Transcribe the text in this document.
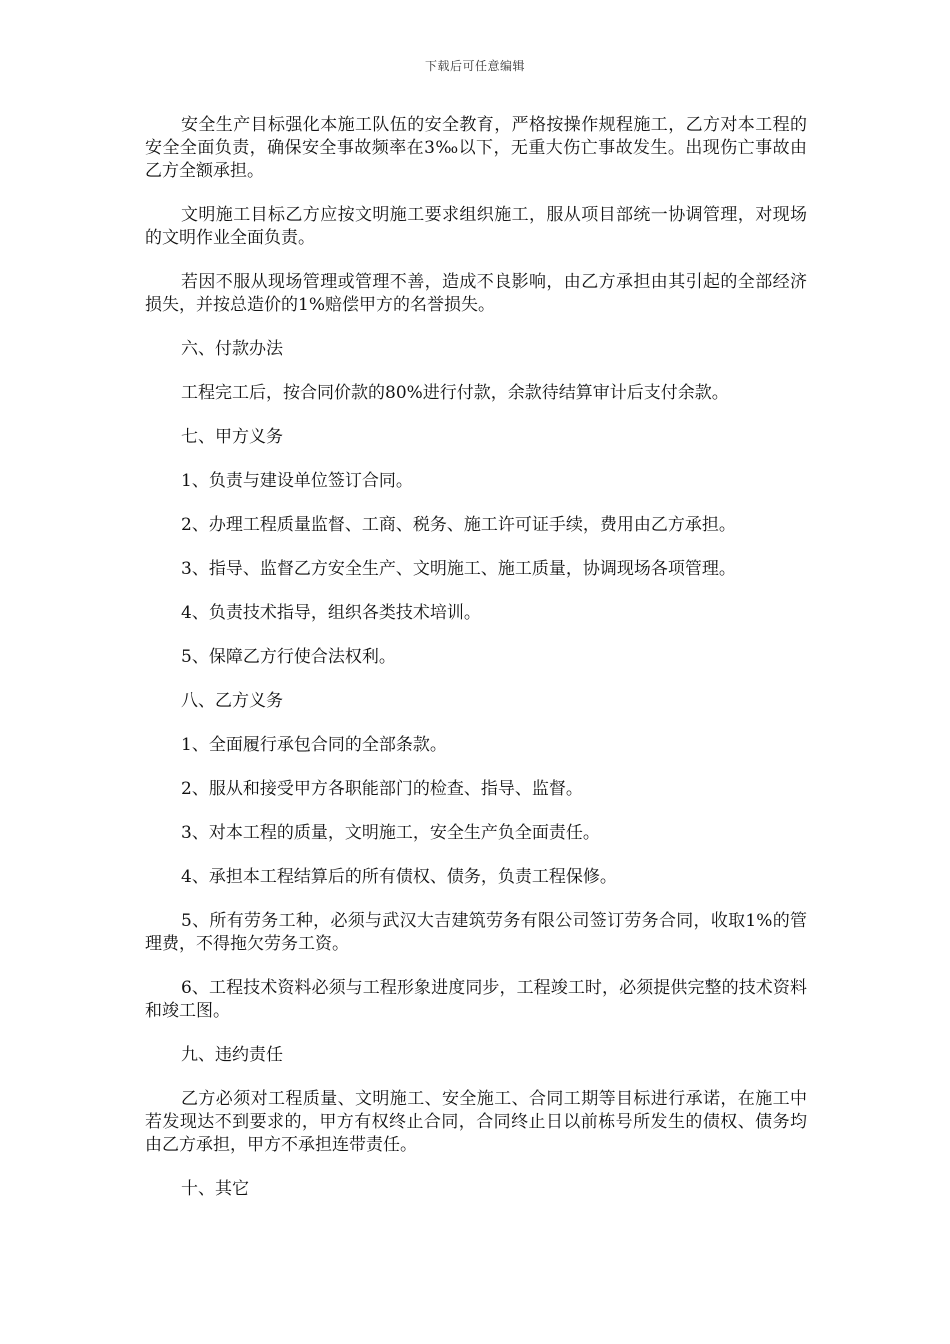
下载后可任意编辑

安全生产目标强化本施工队伍的安全教育，严格按操作规程施工，乙方对本工程的安全全面负责，确保安全事故频率在3‰以下，无重大伤亡事故发生。出现伤亡事故由乙方全额承担。

文明施工目标乙方应按文明施工要求组织施工，服从项目部统一协调管理，对现场的文明作业全面负责。

若因不服从现场管理或管理不善，造成不良影响，由乙方承担由其引起的全部经济损失，并按总造价的1%赔偿甲方的名誉损失。

六、付款办法

工程完工后，按合同价款的80%进行付款，余款待结算审计后支付余款。

七、甲方义务

1、负责与建设单位签订合同。

2、办理工程质量监督、工商、税务、施工许可证手续，费用由乙方承担。

3、指导、监督乙方安全生产、文明施工、施工质量，协调现场各项管理。

4、负责技术指导，组织各类技术培训。

5、保障乙方行使合法权利。

八、乙方义务

1、全面履行承包合同的全部条款。

2、服从和接受甲方各职能部门的检查、指导、监督。

3、对本工程的质量，文明施工，安全生产负全面责任。

4、承担本工程结算后的所有债权、债务，负责工程保修。

5、所有劳务工种，必须与武汉大吉建筑劳务有限公司签订劳务合同，收取1%的管理费，不得拖欠劳务工资。

6、工程技术资料必须与工程形象进度同步，工程竣工时，必须提供完整的技术资料和竣工图。

九、违约责任

乙方必须对工程质量、文明施工、安全施工、合同工期等目标进行承诺，在施工中若发现达不到要求的，甲方有权终止合同，合同终止日以前栋号所发生的债权、债务均由乙方承担，甲方不承担连带责任。

十、其它
